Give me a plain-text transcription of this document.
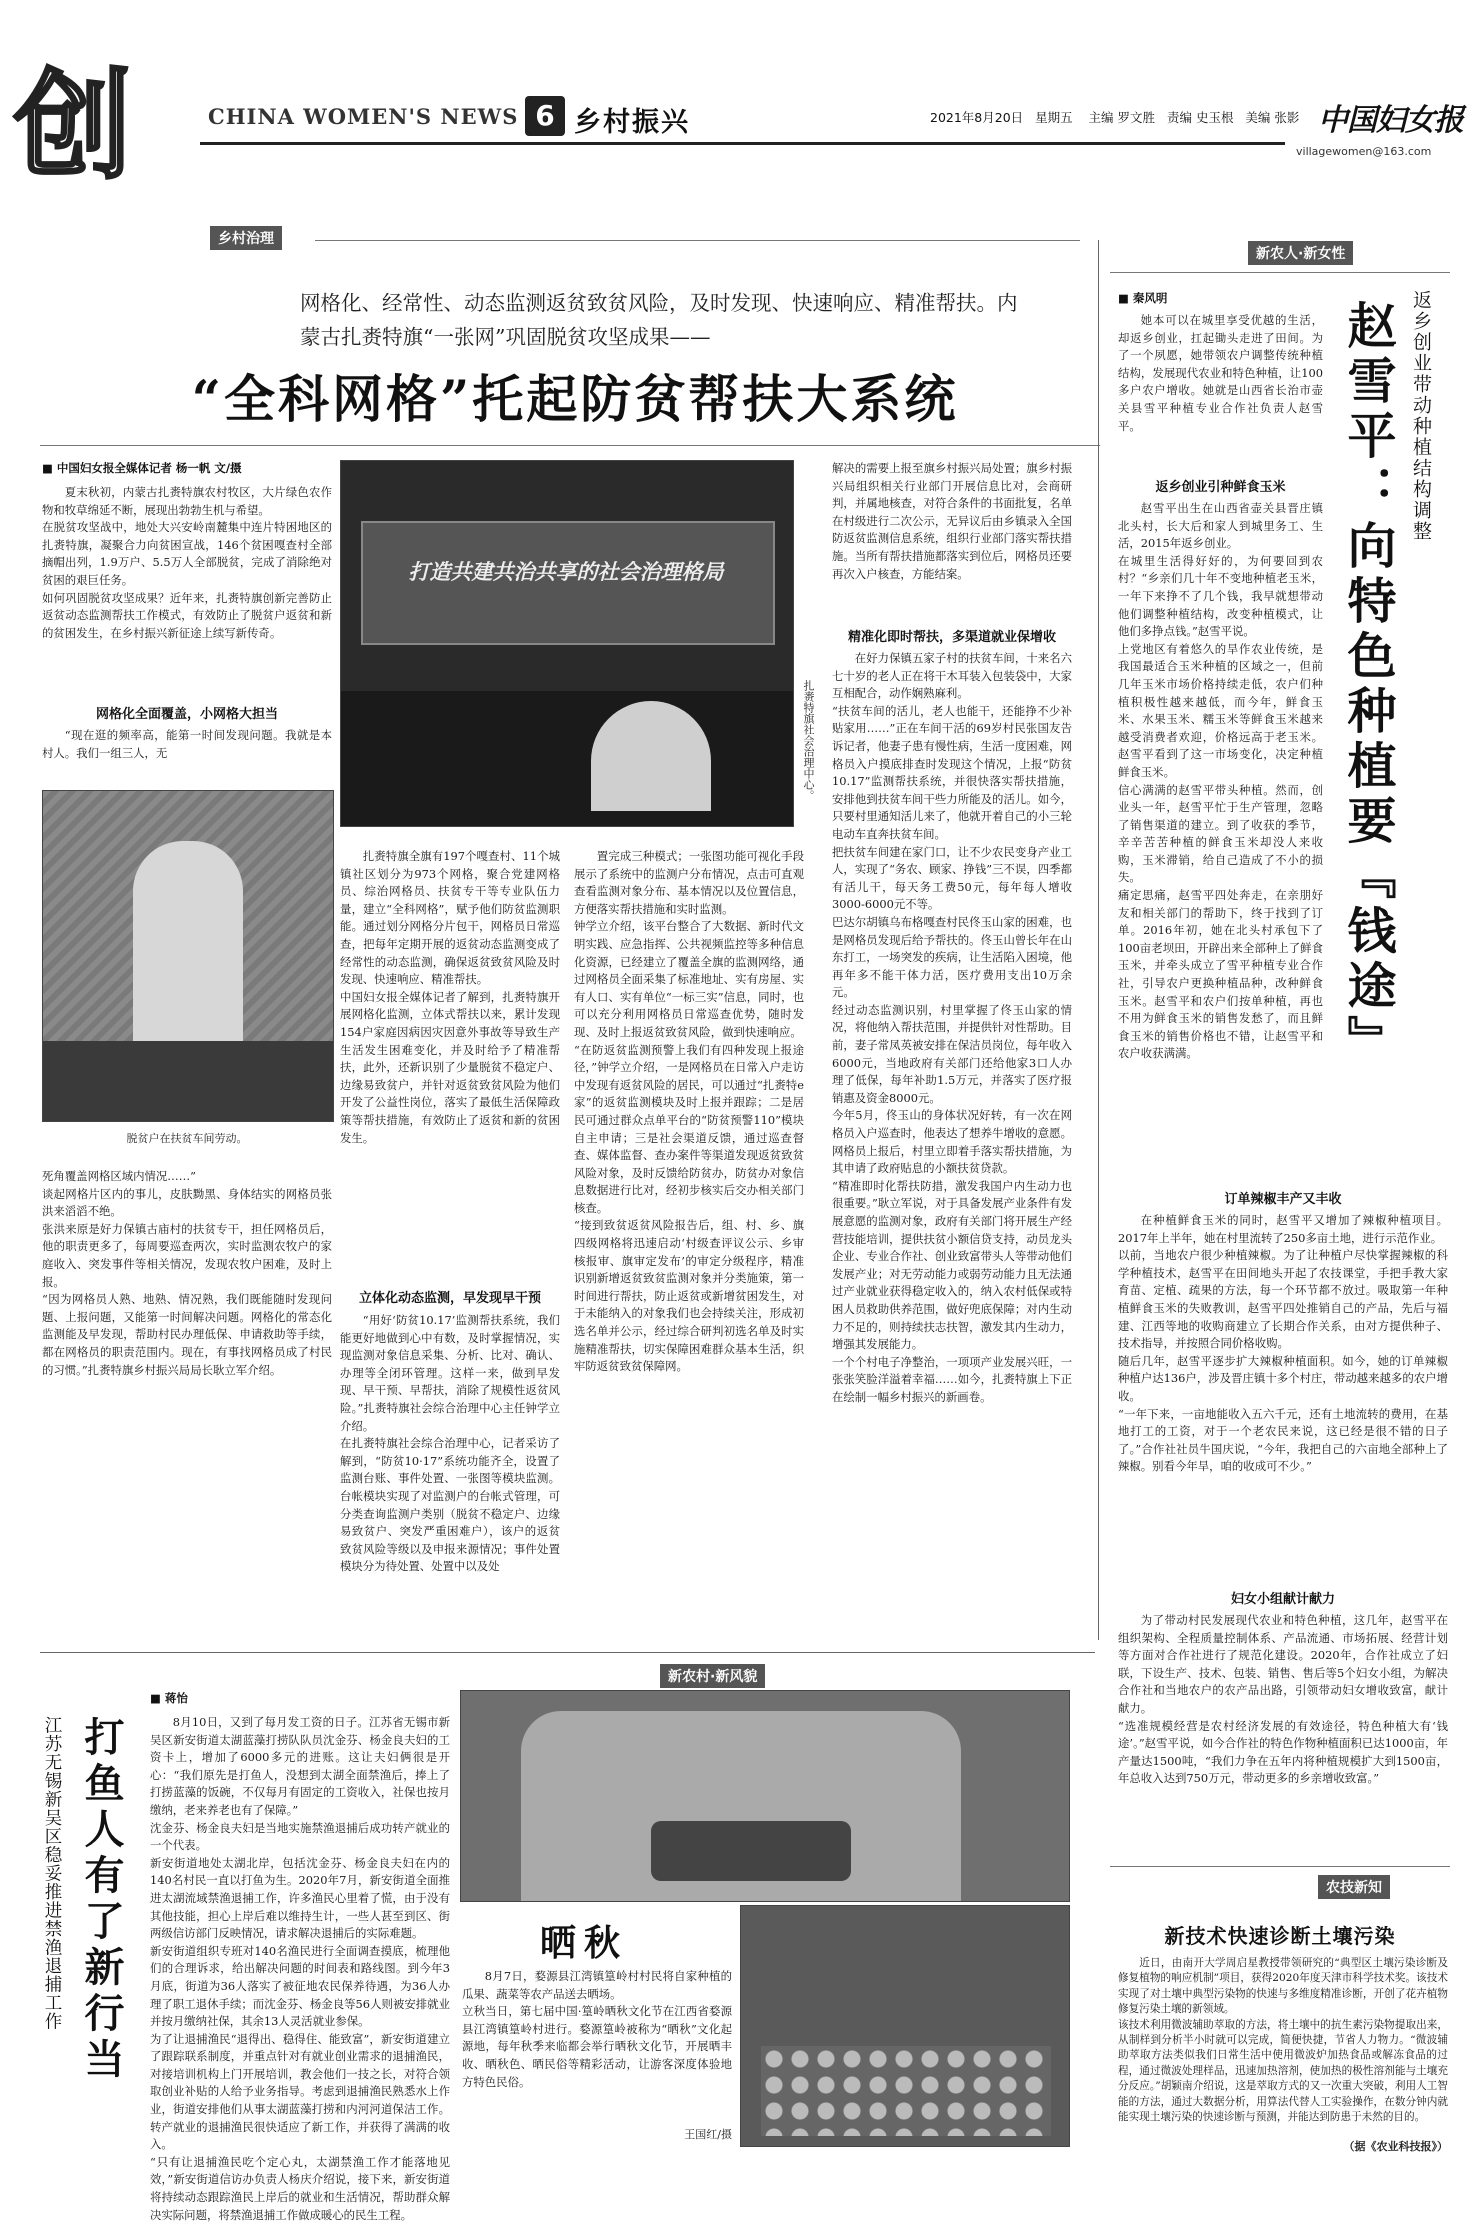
创	CHINA WOMEN'S NEWS 6 乡村振兴	2021年8月20日 星期五 主编 罗文胜 责编 史玉根 美编 张影 中国妇女报
villagewomen@163.com
乡村治理
网格化、经常性、动态监测返贫致贫风险，及时发现、快速响应、精准帮扶。内蒙古扎赉特旗“一张网”巩固脱贫攻坚成果——
“全科网格”托起防贫帮扶大系统
■ 中国妇女报全媒体记者 杨一帆 文/摄
夏末秋初，内蒙古扎赉特旗农村牧区，大片绿色农作物和牧草绵延不断，展现出勃勃生机与希望。
在脱贫攻坚战中，地处大兴安岭南麓集中连片特困地区的扎赉特旗，凝聚合力向贫困宣战，146个贫困嘎查村全部摘帽出列，1.9万户、5.5万人全部脱贫，完成了消除绝对贫困的艰巨任务。
如何巩固脱贫攻坚成果？近年来，扎赉特旗创新完善防止返贫动态监测帮扶工作模式，有效防止了脱贫户返贫和新的贫困发生，在乡村振兴新征途上续写新传奇。
网格化全面覆盖，小网格大担当
“现在逛的频率高，能第一时间发现问题。我就是本村人。我们一组三人，无
脱贫户在扶贫车间劳动。
死角覆盖网格区域内情况……”
谈起网格片区内的事儿，皮肤黝黑、身体结实的网格员张洪来滔滔不绝。
张洪来原是好力保镇古庙村的扶贫专干，担任网格员后，他的职责更多了，每周要巡查两次，实时监测农牧户的家庭收入、突发事件等相关情况，发现农牧户困难，及时上报。
“因为网格员人熟、地熟、情况熟，我们既能随时发现问题、上报问题，又能第一时间解决问题。网格化的常态化监测能及早发现，帮助村民办理低保、申请救助等手续，都在网格员的职责范围内。现在，有事找网格员成了村民的习惯。”扎赉特旗乡村振兴局局长耿立军介绍。
打造共建共治共享的社会治理格局
扎赉特旗社会治理中心。
扎赉特旗全旗有197个嘎查村、11个城镇社区划分为973个网格，聚合党建网格员、综治网格员、扶贫专干等专业队伍力量，建立“全科网格”，赋予他们防贫监测职能。通过划分网格分片包干，网格员日常巡查，把每年定期开展的返贫动态监测变成了经常性的动态监测，确保返贫致贫风险及时发现、快速响应、精准帮扶。
中国妇女报全媒体记者了解到，扎赉特旗开展网格化监测，立体式帮扶以来，累计发现154户家庭因病因灾因意外事故等导致生产生活发生困难变化，并及时给予了精准帮扶，此外，还新识别了少量脱贫不稳定户、边缘易致贫户，并针对返贫致贫风险为他们开发了公益性岗位，落实了最低生活保障政策等帮扶措施，有效防止了返贫和新的贫困发生。
立体化动态监测，早发现早干预
“用好‘防贫10.17’监测帮扶系统，我们能更好地做到心中有数，及时掌握情况，实现监测对象信息采集、分析、比对、确认、办理等全闭环管理。这样一来，做到早发现、早干预、早帮扶，消除了规模性返贫风险。”扎赉特旗社会综合治理中心主任钟学立介绍。
在扎赉特旗社会综合治理中心，记者采访了解到，“防贫10·17”系统功能齐全，设置了监测台账、事件处置、一张图等模块监测。台帐模块实现了对监测户的台帐式管理，可分类查询监测户类别（脱贫不稳定户、边缘易致贫户、突发严重困难户），该户的返贫致贫风险等级以及申报来源情况；事件处置模块分为待处置、处置中以及处
置完成三种模式；一张图功能可视化手段展示了系统中的监测户分布情况，点击可直观查看监测对象分布、基本情况以及位置信息，方便落实帮扶措施和实时监测。
钟学立介绍，该平台整合了大数据、新时代文明实践、应急指挥、公共视频监控等多种信息化资源，已经建立了覆盖全旗的监测网络，通过网格员全面采集了标准地址、实有房屋、实有人口、实有单位“一标三实”信息，同时，也可以充分利用网格员日常巡查优势，随时发现、及时上报返贫致贫风险，做到快速响应。
“在防返贫监测预警上我们有四种发现上报途径，”钟学立介绍，一是网格员在日常入户走访中发现有返贫风险的居民，可以通过“扎赉特e家”的返贫监测模块及时上报并跟踪；二是居民可通过群众点单平台的“防贫预警110”模块自主申请；三是社会渠道反馈，通过巡查督查、媒体监督、查办案件等渠道发现返贫致贫风险对象，及时反馈给防贫办，防贫办对象信息数据进行比对，经初步核实后交办相关部门核查。
“接到致贫返贫风险报告后，组、村、乡、旗四级网格将迅速启动‘村级查评议公示、乡审核报审、旗审定发布’的审定分级程序，精准识别新增返贫致贫监测对象并分类施策，第一时间进行帮扶，防止返贫或新增贫困发生，对于未能纳入的对象我们也会持续关注，形成初选名单并公示，经过综合研判初选名单及时实施精准帮扶，切实保障困难群众基本生活，织牢防返贫致贫保障网。
解决的需要上报至旗乡村振兴局处置；旗乡村振兴局组织相关行业部门开展信息比对，会商研判，并属地核查，对符合条件的书面批复，名单在村级进行二次公示，无异议后由乡镇录入全国防返贫监测信息系统，组织行业部门落实帮扶措施。当所有帮扶措施都落实到位后，网格员还要再次入户核查，方能结案。
精准化即时帮扶，多渠道就业保增收
在好力保镇五家子村的扶贫车间，十来名六七十岁的老人正在将干木耳装入包装袋中，大家互相配合，动作娴熟麻利。
“扶贫车间的活儿，老人也能干，还能挣不少补贴家用……”正在车间干活的69岁村民张国友告诉记者，他妻子患有慢性病，生活一度困难，网格员入户摸底排查时发现这个情况，上报“防贫10.17”监测帮扶系统，并很快落实帮扶措施，安排他到扶贫车间干些力所能及的活儿。如今，只要村里通知活儿来了，他就开着自己的小三轮电动车直奔扶贫车间。
把扶贫车间建在家门口，让不少农民变身产业工人，实现了“务农、顾家、挣钱”三不误，四季都有活儿干，每天务工费50元，每年每人增收3000-6000元不等。
巴达尔胡镇乌布格嘎查村民佟玉山家的困难，也是网格员发现后给予帮扶的。佟玉山曾长年在山东打工，一场突发的疾病，让生活陷入困境，他再年多不能干体力活，医疗费用支出10万余元。
经过动态监测识别，村里掌握了佟玉山家的情况，将他纳入帮扶范围，并提供针对性帮助。目前，妻子常凤英被安排在保洁员岗位，每年收入6000元，当地政府有关部门还给他家3口人办理了低保，每年补助1.5万元，并落实了医疗报销惠及资金8000元。
今年5月，佟玉山的身体状况好转，有一次在网格员入户巡查时，他表达了想养牛增收的意愿。网格员上报后，村里立即着手落实帮扶措施，为其申请了政府贴息的小额扶贫贷款。
“精准即时化帮扶防措，激发我国户内生动力也很重要。”耿立军说，对于具备发展产业条件有发展意愿的监测对象，政府有关部门将开展生产经营技能培训，提供扶贫小额信贷支持，动员龙头企业、专业合作社、创业致富带头人等带动他们发展产业；对无劳动能力或弱劳动能力且无法通过产业就业获得稳定收入的，纳入农村低保或特困人员救助供养范围，做好兜底保障；对内生动力不足的，则持续扶志扶智，激发其内生动力，增强其发展能力。
一个个村电子净整治，一项项产业发展兴旺，一张张笑脸洋溢着幸福……如今，扎赉特旗上下正在绘制一幅乡村振兴的新画卷。
新农人·新女性
返乡创业带动种植结构调整
赵雪平：向特色种植要『钱途』
■ 秦风明
她本可以在城里享受优越的生活，却返乡创业，扛起锄头走进了田间。为了一个夙愿，她带领农户调整传统种植结构，发展现代农业和特色种植，让100多户农户增收。她就是山西省长治市壶关县雪平种植专业合作社负责人赵雪平。
返乡创业引种鲜食玉米
赵雪平出生在山西省壶关县晋庄镇北头村，长大后和家人到城里务工、生活，2015年返乡创业。
在城里生活得好好的，为何要回到农村？“乡亲们几十年不变地种植老玉米，一年下来挣不了几个钱，我早就想带动他们调整种植结构，改变种植模式，让他们多挣点钱。”赵雪平说。
上党地区有着悠久的旱作农业传统，是我国最适合玉米种植的区域之一，但前几年玉米市场价格持续走低，农户们种植积极性越来越低，而今年，鲜食玉米、水果玉米、糯玉米等鲜食玉米越来越受消费者欢迎，价格远高于老玉米。赵雪平看到了这一市场变化，决定种植鲜食玉米。
信心满满的赵雪平带头种植。然而，创业头一年，赵雪平忙于生产管理，忽略了销售渠道的建立。到了收获的季节，辛辛苦苦种植的鲜食玉米却没人来收购，玉米滞销，给自己造成了不小的损失。
痛定思痛，赵雪平四处奔走，在亲朋好友和相关部门的帮助下，终于找到了订单。2016年初，她在北头村承包下了100亩老坝田，开辟出来全部种上了鲜食玉米，并牵头成立了雪平种植专业合作社，引导农户更换种植品种，改种鲜食玉米。赵雪平和农户们按单种植，再也不用为鲜食玉米的销售发愁了，而且鲜食玉米的销售价格也不错，让赵雪平和农户收获满满。
订单辣椒丰产又丰收
在种植鲜食玉米的同时，赵雪平又增加了辣椒种植项目。2017年上半年，她在村里流转了250多亩土地，进行示范作业。
以前，当地农户很少种植辣椒。为了让种植户尽快掌握辣椒的科学种植技术，赵雪平在田间地头开起了农技课堂，手把手教大家育苗、定植、疏果的方法，每一个环节都不放过。吸取第一年种植鲜食玉米的失败教训，赵雪平四处推销自己的产品，先后与福建、江西等地的收购商建立了长期合作关系，由对方提供种子、技术指导，并按照合同价格收购。
随后几年，赵雪平逐步扩大辣椒种植面积。如今，她的订单辣椒种植户达136户，涉及晋庄镇十多个村庄，带动越来越多的农户增收。
“一年下来，一亩地能收入五六千元，还有土地流转的费用，在基地打工的工资，对于一个老农民来说，这已经是很不错的日子了。”合作社社员牛国庆说，“今年，我把自己的六亩地全部种上了辣椒。别看今年旱，咱的收成可不少。”
妇女小组献计献力
为了带动村民发展现代农业和特色种植，这几年，赵雪平在组织架构、全程质量控制体系、产品流通、市场拓展、经营计划等方面对合作社进行了规范化建设。2020年，合作社成立了妇联，下设生产、技术、包装、销售、售后等5个妇女小组，为解决合作社和当地农户的农产品出路，引领带动妇女增收致富，献计献力。
“选准规模经营是农村经济发展的有效途径，特色种植大有‘钱途’。”赵雪平说，如今合作社的特色作物种植面积已达1000亩，年产量达1500吨，“我们力争在五年内将种植规模扩大到1500亩，年总收入达到750万元，带动更多的乡亲增收致富。”
新农村·新风貌
江苏无锡新吴区稳妥推进禁渔退捕工作 打鱼人有了新行当
■ 蒋怡
8月10日，又到了每月发工资的日子。江苏省无锡市新吴区新安街道太湖蓝藻打捞队队员沈金芬、杨金良夫妇的工资卡上，增加了6000多元的进账。这让夫妇俩很是开心：“我们原先是打鱼人，没想到太湖全面禁渔后，捧上了打捞蓝藻的饭碗，不仅每月有固定的工资收入，社保也按月缴纳，老来养老也有了保障。”
沈金芬、杨金良夫妇是当地实施禁渔退捕后成功转产就业的一个代表。
新安街道地处太湖北岸，包括沈金芬、杨金良夫妇在内的140名村民一直以打鱼为生。2020年7月，新安街道全面推进太湖流域禁渔退捕工作，许多渔民心里着了慌，由于没有其他技能，担心上岸后难以维持生计，一些人甚至到区、街两级信访部门反映情况，请求解决退捕后的实际难题。
新安街道组织专班对140名渔民进行全面调查摸底，梳理他们的合理诉求，给出解决问题的时间表和路线图。到今年3月底，街道为36人落实了被征地农民保养待遇，为36人办理了职工退休手续；而沈金芬、杨金良等56人则被安排就业并按月缴纳社保，其余13人灵活就业参保。
为了让退捕渔民“退得出、稳得住、能致富”，新安街道建立了跟踪联系制度，并重点针对有就业创业需求的退捕渔民，对接培训机构上门开展培训，教会他们一技之长，对符合领取创业补贴的人给予业务指导。考虑到退捕渔民熟悉水上作业，街道安排他们从事太湖蓝藻打捞和内河河道保洁工作。转产就业的退捕渔民很快适应了新工作，并获得了满满的收入。
“只有让退捕渔民吃个定心丸，太湖禁渔工作才能落地见效，”新安街道信访办负责人杨庆介绍说，接下来，新安街道将持续动态跟踪渔民上岸后的就业和生活情况，帮助群众解决实际问题，将禁渔退捕工作做成暖心的民生工程。
晒秋
8月7日，婺源县江湾镇篁岭村村民将自家种植的瓜果、蔬菜等农产品送去晒场。
立秋当日，第七届中国·篁岭晒秋文化节在江西省婺源县江湾镇篁岭村进行。婺源篁岭被称为“晒秋”文化起源地，每年秋季来临都会举行晒秋文化节，开展晒丰收、晒秋色、晒民俗等精彩活动，让游客深度体验地方特色民俗。
王国红/摄
农技新知
新技术快速诊断土壤污染
近日，由南开大学周启星教授带领研究的“典型区土壤污染诊断及修复植物的响应机制”项目，获得2020年度天津市科学技术奖。该技术实现了对土壤中典型污染物的快速与多维度精准诊断，开创了花卉植物修复污染土壤的新领域。
该技术利用微波辅助萃取的方法，将土壤中的抗生素污染物提取出来，从制样到分析半小时就可以完成，简便快捷，节省人力物力。“微波辅助萃取方法类似我们日常生活中使用微波炉加热食品或解冻食品的过程，通过微波处理样品，迅速加热溶剂，使加热的极性溶剂能与土壤充分反应。”胡颖南介绍说，这是萃取方式的又一次重大突破，利用人工智能的方法，通过大数据分析，用算法代替人工实验操作，在数分钟内就能实现土壤污染的快速诊断与预测，并能达到防患于未然的目的。
（据《农业科技报》）
